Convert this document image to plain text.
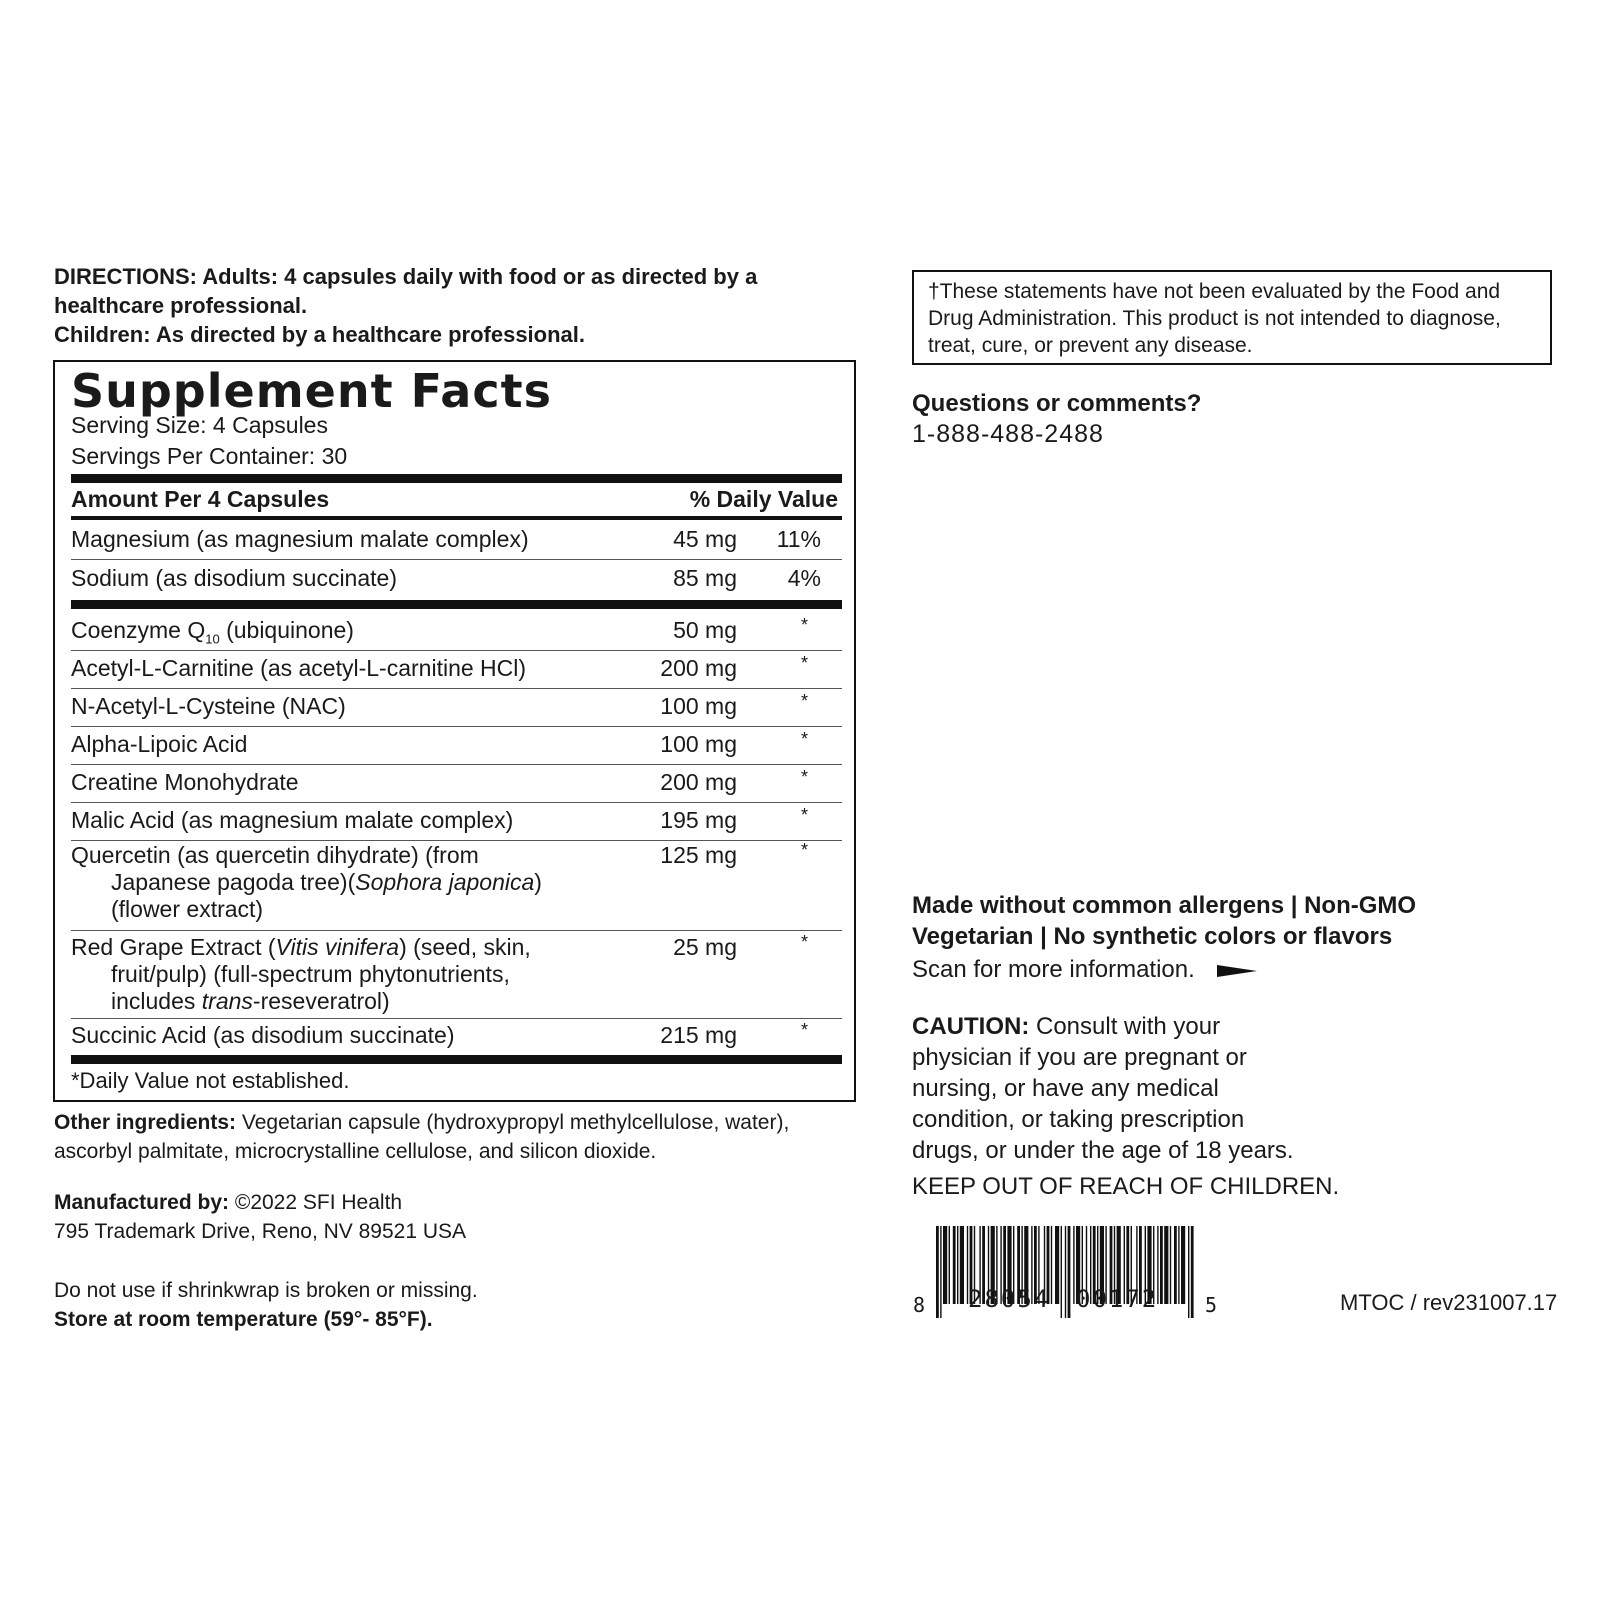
DIRECTIONS: Adults: 4 capsules daily with food or as directed by a
healthcare professional.
Children: As directed by a healthcare professional.
Supplement Facts
Serving Size: 4 Capsules
Servings Per Container: 30
Amount Per 4 Capsules	% Daily Value
Magnesium (as magnesium malate complex)	45 mg 11%
Sodium (as disodium succinate)	85 mg 4%
Coenzyme $Q_{10}$ (ubiquinone)	50 mg	*
Acetyl-L-Carnitine (as acetyl-L-carnitine HCl)	200 mg	*
N-Acetyl-L-Cysteine (NAC)	100 mg	*
Alpha-Lipoic Acid	100 mg	*
Creatine Monohydrate	200 mg	*
Malic Acid (as magnesium malate complex)	195 mg	*
Quercetin (as quercetin dihydrate) (from
Japanese pagoda tree)(Sophora japonica)
(flower extract)
125 mg	*
Red Grape Extract (Vitis vinifera) (seed, skin,
fruit/pulp) (full-spectrum phytonutrients,
includes trans-reseveratrol)
25 mg	*
Succinic Acid (as disodium succinate)	215 mg	*
*Daily Value not established.
Other ingredients: Vegetarian capsule (hydroxypropyl methylcellulose, water),
ascorbyl palmitate, microcrystalline cellulose, and silicon dioxide.
Manufactured by: ©2022 SFI Health
795 Trademark Drive, Reno, NV 89521 USA
Do not use if shrinkwrap is broken or missing.
Store at room temperature (59°- 85°F).
†These statements have not been evaluated by the Food and
Drug Administration. This product is not intended to diagnose,
treat, cure, or prevent any disease.
Questions or comments?
1-888-488-2488
Made without common allergens | Non-GMO
Vegetarian | No synthetic colors or flavors
Scan for more information.
CAUTION: Consult with your
physician if you are pregnant or
nursing, or have any medical
condition, or taking prescription
drugs, or under the age of 18 years.
KEEP OUT OF REACH OF CHILDREN.
8 28054 00172 5	MTOC / rev231007.17
